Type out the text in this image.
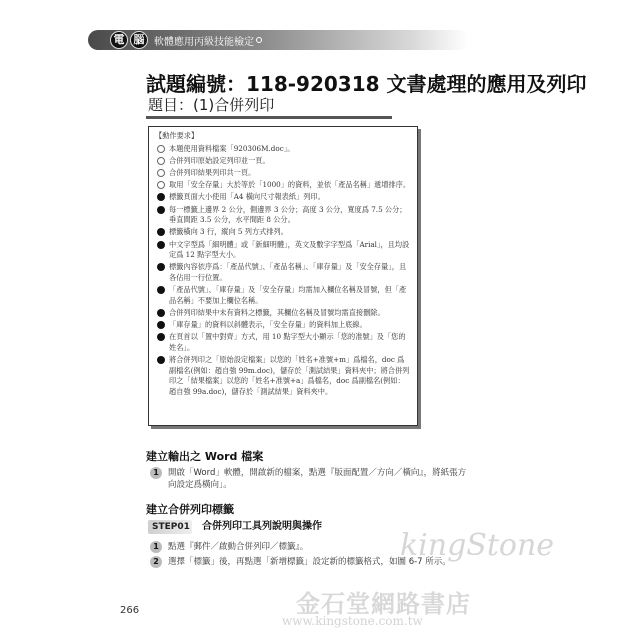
電 腦 軟體應用丙級技能檢定
試題編號：118-920318 文書處理的應用及列印
題目：(1)合併列印
【動作要求】
本題使用資料檔案「920306M.doc」。
合併列印原始設定列印並一頁。
合併列印結果列印共一頁。
取用「安全存量」大於等於「1000」的資料，並依「產品名稱」遞增排序。
標籤頁面大小使用「A4 橫向尺寸報表紙」列印。
每一標籤上邊界 2 公分，側邊界 3 公分；高度 3 公分，寬度爲 7.5 公分；垂直間距 3.5 公分，水平間距 8 公分。
標籤橫向 3 行，縱向 5 列方式排列。
中文字型爲「細明體」或「新細明體」，英文及數字字型爲「Arial」，且均設定爲 12 點字型大小。
標籤內容依序爲：「產品代號」、「產品名稱」、「庫存量」及「安全存量」，且各佔用一行位置。
「產品代號」、「庫存量」及「安全存量」均需加入欄位名稱及冒號，但「產品名稱」不要加上欄位名稱。
合併列印結果中未有資料之標籤，其欄位名稱及冒號均需直接刪除。
「庫存量」的資料以斜體表示，「安全存量」的資料加上底線。
在頁首以「置中對齊」方式，用 10 點字型大小顯示「您的准號」及「您的姓名」。
將合併列印之「原始設定檔案」以您的「姓名+准號+m」爲檔名，doc 爲副檔名(例如：趙自強 99m.doc)，儲存於「測試結果」資料夾中；將合併列印之「結果檔案」以您的「姓名+准號+a」爲檔名，doc 爲副檔名(例如：趙自強 99a.doc)，儲存於「測試結果」資料夾中。
建立輸出之 Word 檔案
1	開啟「Word」軟體，開啟新的檔案，點選『版面配置／方向／橫向』，將紙張方向設定爲橫向」。
建立合併列印標籤
STEP01 合併列印工具列說明與操作
1	點選『郵件／啟動合併列印／標籤』。
2	選擇「標籤」後，再點選「新增標籤」設定新的標籤格式，如圖 6-7 所示。
266
kingStone
金石堂網路書店
www.kingstone.com.tw
